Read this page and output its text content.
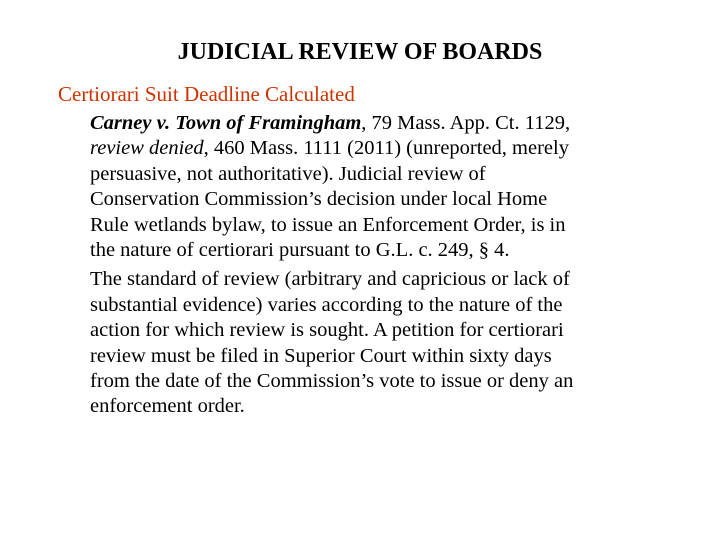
JUDICIAL REVIEW OF BOARDS
Certiorari Suit Deadline Calculated

Carney v. Town of Framingham, 79 Mass. App. Ct. 1129,
review denied, 460 Mass. 1111 (2011) (unreported, merely
persuasive, not authoritative). Judicial review of
Conservation Commission’s decision under local Home
Rule wetlands bylaw, to issue an Enforcement Order, is in
the nature of certiorari pursuant to G.L. c. 249, § 4.

The standard of review (arbitrary and capricious or lack of
substantial evidence) varies according to the nature of the
action for which review is sought. A petition for certiorari
review must be filed in Superior Court within sixty days
from the date of the Commission’s vote to issue or deny an
enforcement order.
